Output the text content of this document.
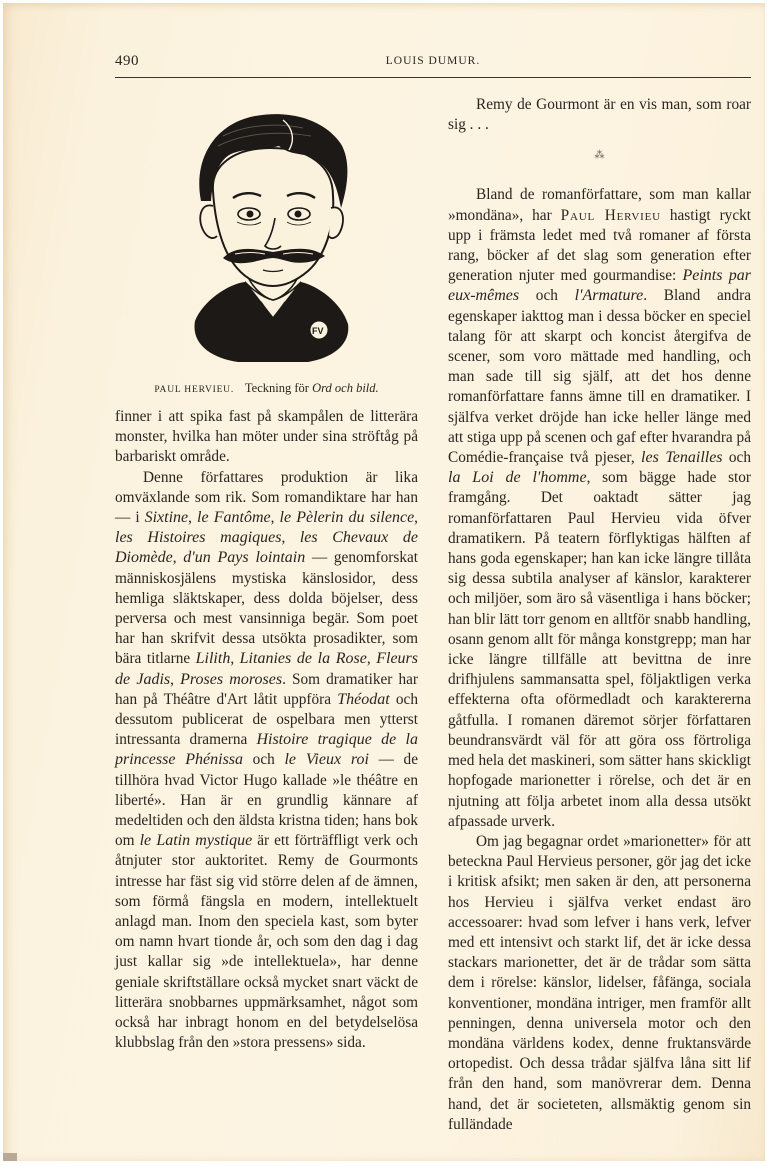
490	LOUIS DUMUR.
FV
PAUL HERVIEU. Teckning för Ord och bild.

finner i att spika fast på skampålen de litterära monster, hvilka han möter under sina ströftåg på barbariskt område.

Denne författares produktion är lika omväxlande som rik. Som romandiktare har han — i Sixtine, le Fantôme, le Pèlerin du silence, les Histoires magiques, les Chevaux de Diomède, d'un Pays lointain — genomforskat människosjälens mystiska känslosidor, dess hemliga släktskaper, dess dolda böjelser, dess perversa och mest vansinniga begär. Som poet har han skrifvit dessa utsökta prosadikter, som bära titlarne Lilith, Litanies de la Rose, Fleurs de Jadis, Proses moroses. Som dramatiker har han på Théâtre d'Art låtit uppföra Théodat och dessutom publicerat de ospelbara men ytterst intressanta dramerna Histoire tragique de la princesse Phénissa och le Vieux roi — de tillhöra hvad Victor Hugo kallade »le théâtre en liberté». Han är en grundlig kännare af medeltiden och den äldsta kristna tiden; hans bok om le Latin mystique är ett förträffligt verk och åtnjuter stor auktoritet. Remy de Gourmonts intresse har fäst sig vid större delen af de ämnen, som förmå fängsla en modern, intellektuelt anlagd man. Inom den speciela kast, som byter om namn hvart tionde år, och som den dag i dag just kallar sig »de intellektuela», har denne geniale skriftställare också mycket snart väckt de litterära snobbarnes uppmärksamhet, något som också har inbragt honom en del betydelselösa klubbslag från den »stora pressens» sida.

Remy de Gourmont är en vis man, som roar sig . . .

⁂

Bland de romanförfattare, som man kallar »mondäna», har Paul Hervieu hastigt ryckt upp i främsta ledet med två romaner af första rang, böcker af det slag som generation efter generation njuter med gourmandise: Peints par eux-mêmes och l'Armature. Bland andra egenskaper iakttog man i dessa böcker en speciel talang för att skarpt och koncist återgifva de scener, som voro mättade med handling, och man sade till sig själf, att det hos denne romanförfattare fanns ämne till en dramatiker. I själfva verket dröjde han icke heller länge med att stiga upp på scenen och gaf efter hvarandra på Comédie-française två pjeser, les Tenailles och la Loi de l'homme, som bägge hade stor framgång. Det oaktadt sätter jag romanförfattaren Paul Hervieu vida öfver dramatikern. På teatern förflyktigas hälften af hans goda egenskaper; han kan icke längre tillåta sig dessa subtila analyser af känslor, karakterer och miljöer, som äro så väsentliga i hans böcker; han blir lätt torr genom en alltför snabb handling, osann genom allt för många konstgrepp; man har icke längre tillfälle att bevittna de inre drifhjulens sammansatta spel, följaktligen verka effekterna ofta oförmedladt och karaktererna gåtfulla. I romanen däremot sörjer författaren beundransvärdt väl för att göra oss förtroliga med hela det maskineri, som sätter hans skickligt hopfogade marionetter i rörelse, och det är en njutning att följa arbetet inom alla dessa utsökt afpassade urverk.

Om jag begagnar ordet »marionetter» för att beteckna Paul Hervieus personer, gör jag det icke i kritisk afsikt; men saken är den, att personerna hos Hervieu i själfva verket endast äro accessoarer: hvad som lefver i hans verk, lefver med ett intensivt och starkt lif, det är icke dessa stackars marionetter, det är de trådar som sätta dem i rörelse: känslor, lidelser, fåfänga, sociala konventioner, mondäna intriger, men framför allt penningen, denna universela motor och den mondäna världens kodex, denne fruktansvärde ortopedist. Och dessa trådar själfva låna sitt lif från den hand, som manövrerar dem. Denna hand, det är societeten, allsmäktig genom sin fulländade
